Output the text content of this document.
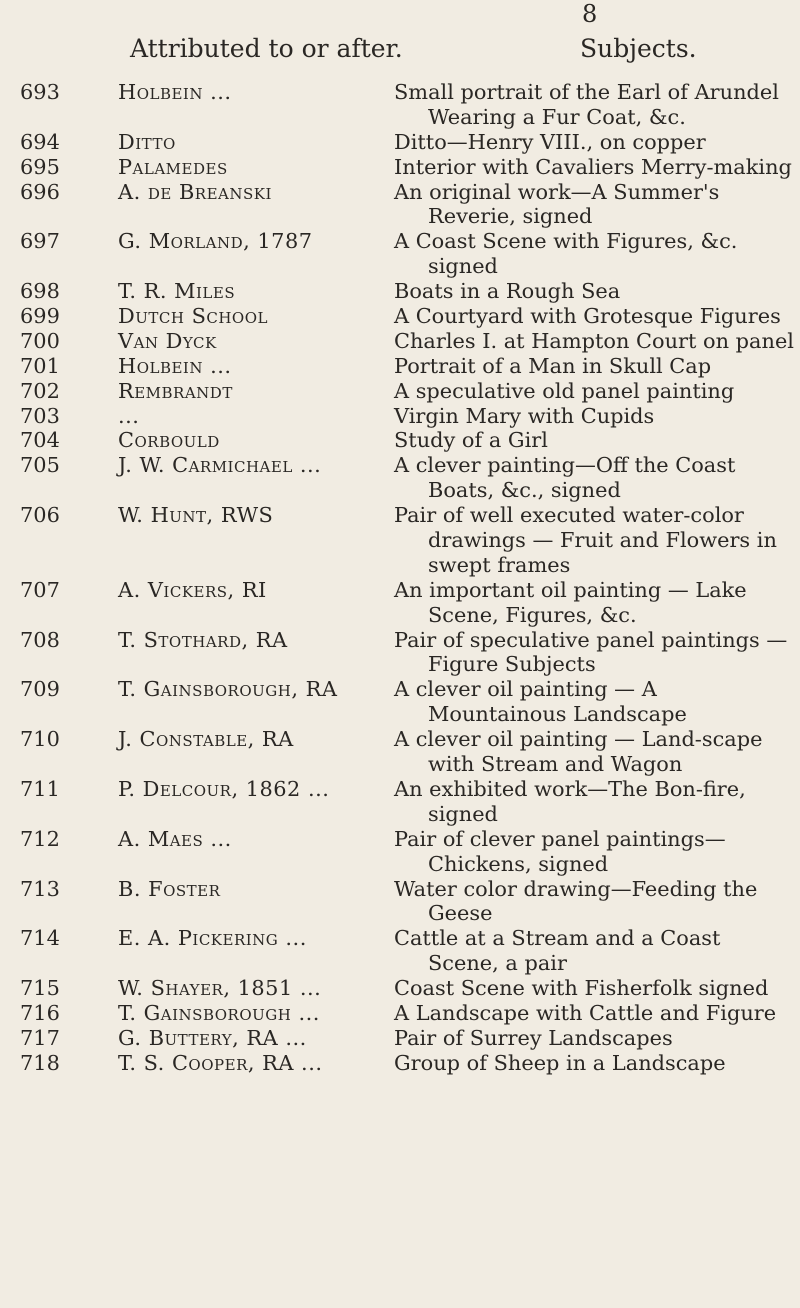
8
Attributed to or after.	Subjects.
693	Holbein ...	Small portrait of the Earl of Arundel Wearing a Fur Coat, &c.
694	Ditto	Ditto—Henry VIII., on copper
695	Palamedes	Interior with Cavaliers Merry-making
696	A. de Breanski	An original work—A Summer's Reverie, signed
697	G. Morland, 1787	A Coast Scene with Figures, &c. signed
698	T. R. Miles	Boats in a Rough Sea
699	Dutch School	A Courtyard with Grotesque Figures
700	Van Dyck	Charles I. at Hampton Court on panel
701	Holbein ...	Portrait of a Man in Skull Cap
702	Rembrandt	A speculative old panel painting
703	...	Virgin Mary with Cupids
704	Corbould	Study of a Girl
705	J. W. Carmichael ...	A clever painting—Off the Coast Boats, &c., signed
706	W. Hunt, RWS	Pair of well executed water-color drawings — Fruit and Flowers in swept frames
707	A. Vickers, RI	An important oil painting — Lake Scene, Figures, &c.
708	T. Stothard, RA	Pair of speculative panel paintings —Figure Subjects
709	T. Gainsborough, RA	A clever oil painting — A Mountainous Landscape
710	J. Constable, RA	A clever oil painting — Land-scape with Stream and Wagon
711	P. Delcour, 1862 ...	An exhibited work—The Bon-fire, signed
712	A. Maes ...	Pair of clever panel paintings— Chickens, signed
713	B. Foster	Water color drawing—Feeding the Geese
714	E. A. Pickering ...	Cattle at a Stream and a Coast Scene, a pair
715	W. Shayer, 1851 ...	Coast Scene with Fisherfolk signed
716	T. Gainsborough ...	A Landscape with Cattle and Figure
717	G. Buttery, RA ...	Pair of Surrey Landscapes
718	T. S. Cooper, RA ...	Group of Sheep in a Landscape
